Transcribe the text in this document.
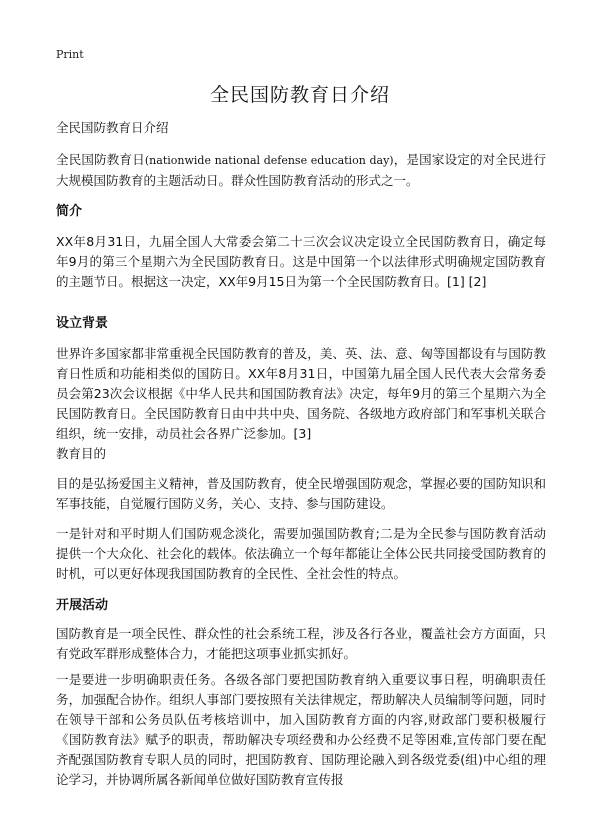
Print
全民国防教育日介绍
全民国防教育日介绍
全民国防教育日(nationwide national defense education day)，是国家设定的对全民进行大规模国防教育的主题活动日。群众性国防教育活动的形式之一。
简介
XX年8月31日，九届全国人大常委会第二十三次会议决定设立全民国防教育日，确定每年9月的第三个星期六为全民国防教育日。这是中国第一个以法律形式明确规定国防教育的主题节日。根据这一决定，XX年9月15日为第一个全民国防教育日。[1] [2]
设立背景
世界许多国家都非常重视全民国防教育的普及，美、英、法、意、匈等国都设有与国防教育日性质和功能相类似的国防日。XX年8月31日，中国第九届全国人民代表大会常务委员会第23次会议根据《中华人民共和国国防教育法》决定，每年9月的第三个星期六为全民国防教育日。全民国防教育日由中共中央、国务院、各级地方政府部门和军事机关联合组织，统一安排，动员社会各界广泛参加。[3]
教育目的
目的是弘扬爱国主义精神，普及国防教育，使全民增强国防观念，掌握必要的国防知识和军事技能，自觉履行国防义务，关心、支持、参与国防建设。
一是针对和平时期人们国防观念淡化，需要加强国防教育;二是为全民参与国防教育活动提供一个大众化、社会化的载体。依法确立一个每年都能让全体公民共同接受国防教育的时机，可以更好体现我国国防教育的全民性、全社会性的特点。
开展活动
国防教育是一项全民性、群众性的社会系统工程，涉及各行各业，覆盖社会方方面面，只有党政军群形成整体合力，才能把这项事业抓实抓好。
一是要进一步明确职责任务。各级各部门要把国防教育纳入重要议事日程，明确职责任务，加强配合协作。组织人事部门要按照有关法律规定，帮助解决人员编制等问题，同时在领导干部和公务员队伍考核培训中，加入国防教育方面的内容,财政部门要积极履行《国防教育法》赋予的职责，帮助解决专项经费和办公经费不足等困难,宣传部门要在配齐配强国防教育专职人员的同时，把国防教育、国防理论融入到各级党委(组)中心组的理论学习，并协调所属各新闻单位做好国防教育宣传报
